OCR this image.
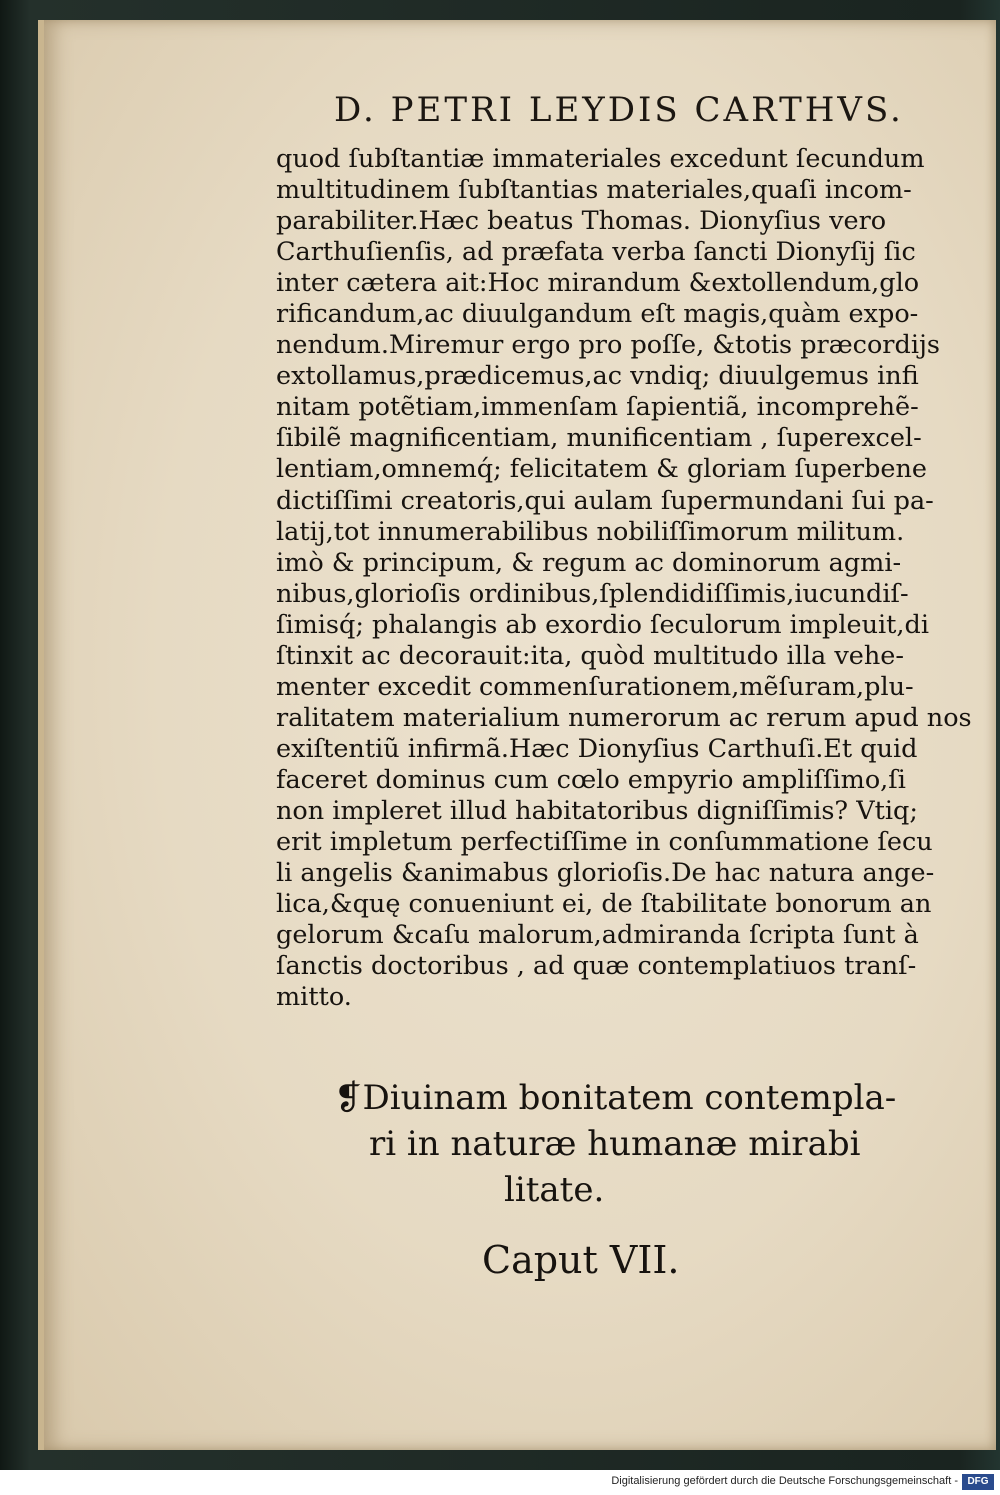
D. PETRI LEYDIS CARTHVS.
quod ſubſtantiæ immateriales excedunt ſecundum
multitudinem ſubſtantias materiales,quaſi incom-
parabiliter.Hæc beatus Thomas. Dionyſius vero
Carthuſienſis, ad præfata verba ſancti Dionyſij ſic
inter cætera ait:Hoc mirandum &extollendum,glo
rificandum,ac diuulgandum eſt magis,quàm expo-
nendum.Miremur ergo pro poſſe, &totis præcordijs
extollamus,prædicemus,ac vndiq; diuulgemus infi
nitam potẽtiam,immenſam ſapientiã, incomprehẽ-
ſibilẽ magnificentiam, munificentiam , ſuperexcel-
lentiam,omnemq́; felicitatem & gloriam ſuperbene
dictiſſimi creatoris,qui aulam ſupermundani ſui pa-
latij,tot innumerabilibus nobiliſſimorum militum.
imò & principum, & regum ac dominorum agmi-
nibus,glorioſis ordinibus,ſplendidiſſimis,iucundiſ-
ſimisq́; phalangis ab exordio ſeculorum impleuit,di
ſtinxit ac decorauit:ita, quòd multitudo illa vehe-
menter excedit commenſurationem,mẽſuram,plu-
ralitatem materialium numerorum ac rerum apud nos
exiſtentiũ infirmã.Hæc Dionyſius Carthuſi.Et quid
faceret dominus cum cœlo empyrio ampliſſimo,ſi
non impleret illud habitatoribus digniſſimis? Vtiq;
erit impletum perfectiſſime in conſummatione ſecu
li angelis &animabus glorioſis.De hac natura ange-
lica,&quę conueniunt ei, de ſtabilitate bonorum an
gelorum &caſu malorum,admiranda ſcripta ſunt à
ſanctis doctoribus , ad quæ contemplatiuos tranſ-
mitto.
❡Diuinam bonitatem contempla-
ri in naturæ humanæ mirabi
litate.
Caput VII.
Digitalisierung gefördert durch die Deutsche Forschungsgemeinschaft - DFG
